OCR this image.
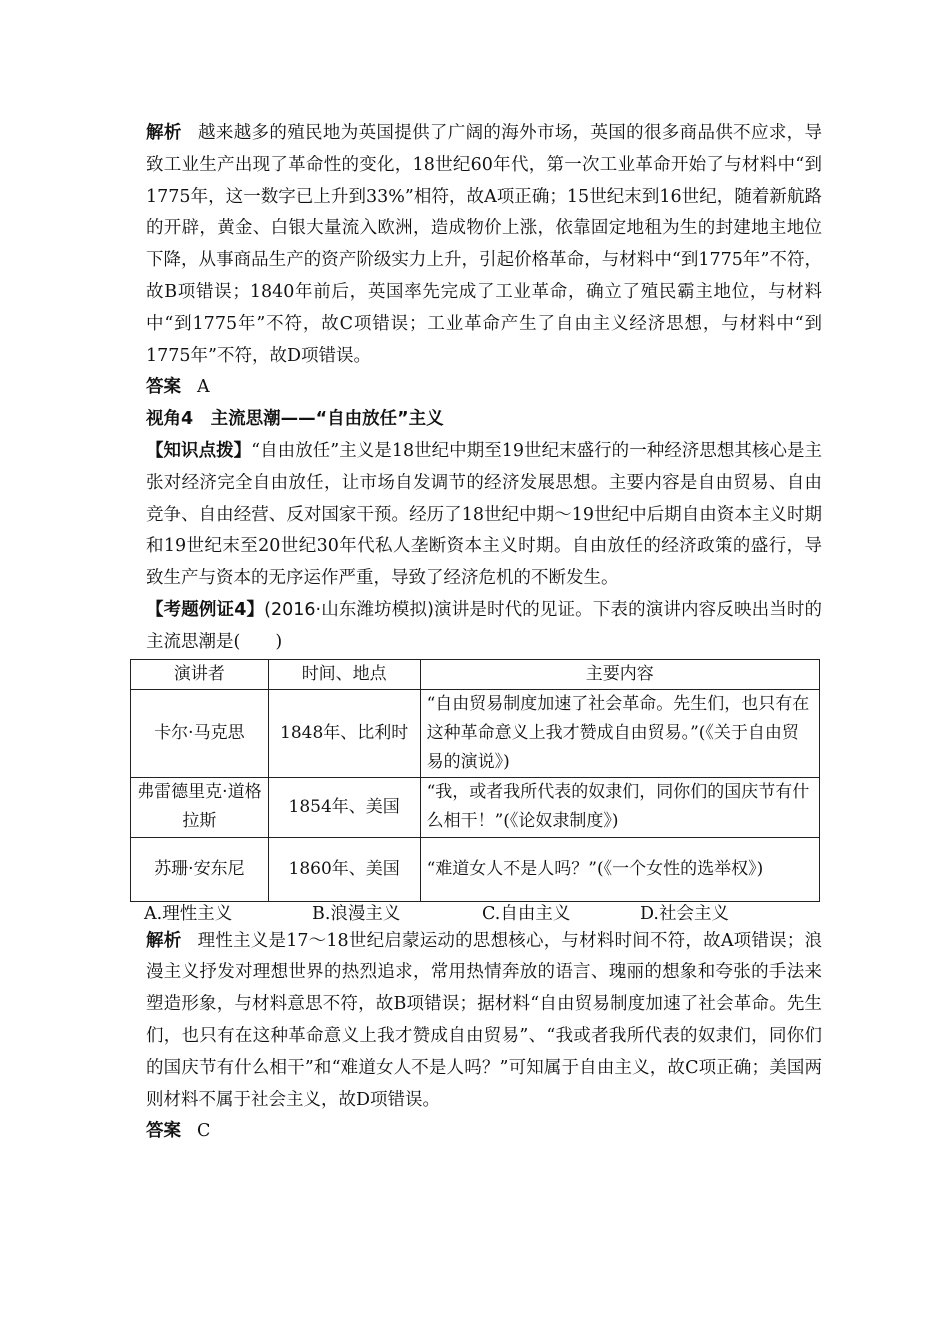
解析 越来越多的殖民地为英国提供了广阔的海外市场，英国的很多商品供不应求，导致工业生产出现了革命性的变化，18世纪60年代，第一次工业革命开始了与材料中“到1775年，这一数字已上升到33%”相符，故A项正确；15世纪末到16世纪，随着新航路的开辟，黄金、白银大量流入欧洲，造成物价上涨，依靠固定地租为生的封建地主地位下降，从事商品生产的资产阶级实力上升，引起价格革命，与材料中“到1775年”不符，故B项错误；1840年前后，英国率先完成了工业革命，确立了殖民霸主地位，与材料中“到1775年”不符，故C项错误；工业革命产生了自由主义经济思想，与材料中“到1775年”不符，故D项错误。

答案 A

视角4　主流思潮——“自由放任”主义

【知识点拨】“自由放任”主义是18世纪中期至19世纪末盛行的一种经济思想其核心是主张对经济完全自由放任，让市场自发调节的经济发展思想。主要内容是自由贸易、自由竞争、自由经营、反对国家干预。经历了18世纪中期～19世纪中后期自由资本主义时期和19世纪末至20世纪30年代私人垄断资本主义时期。自由放任的经济政策的盛行，导致生产与资本的无序运作严重，导致了经济危机的不断发生。

【考题例证4】(2016·山东潍坊模拟)演讲是时代的见证。下表的演讲内容反映出当时的主流思潮是(　　)

演讲者	时间、地点	主要内容
卡尔·马克思	1848年、比利时	“自由贸易制度加速了社会革命。先生们，也只有在这种革命意义上我才赞成自由贸易。”(《关于自由贸易的演说》)
弗雷德里克·道格拉斯	1854年、美国	“我，或者我所代表的奴隶们，同你们的国庆节有什么相干！”(《论奴隶制度》)
苏珊·安东尼	1860年、美国	“难道女人不是人吗？”(《一个女性的选举权》)
A.理性主义	B.浪漫主义	C.自由主义	D.社会主义

解析 理性主义是17～18世纪启蒙运动的思想核心，与材料时间不符，故A项错误；浪漫主义抒发对理想世界的热烈追求，常用热情奔放的语言、瑰丽的想象和夸张的手法来塑造形象，与材料意思不符，故B项错误；据材料“自由贸易制度加速了社会革命。先生们，也只有在这种革命意义上我才赞成自由贸易”、“我或者我所代表的奴隶们，同你们的国庆节有什么相干”和“难道女人不是人吗？”可知属于自由主义，故C项正确；美国两则材料不属于社会主义，故D项错误。

答案 C
